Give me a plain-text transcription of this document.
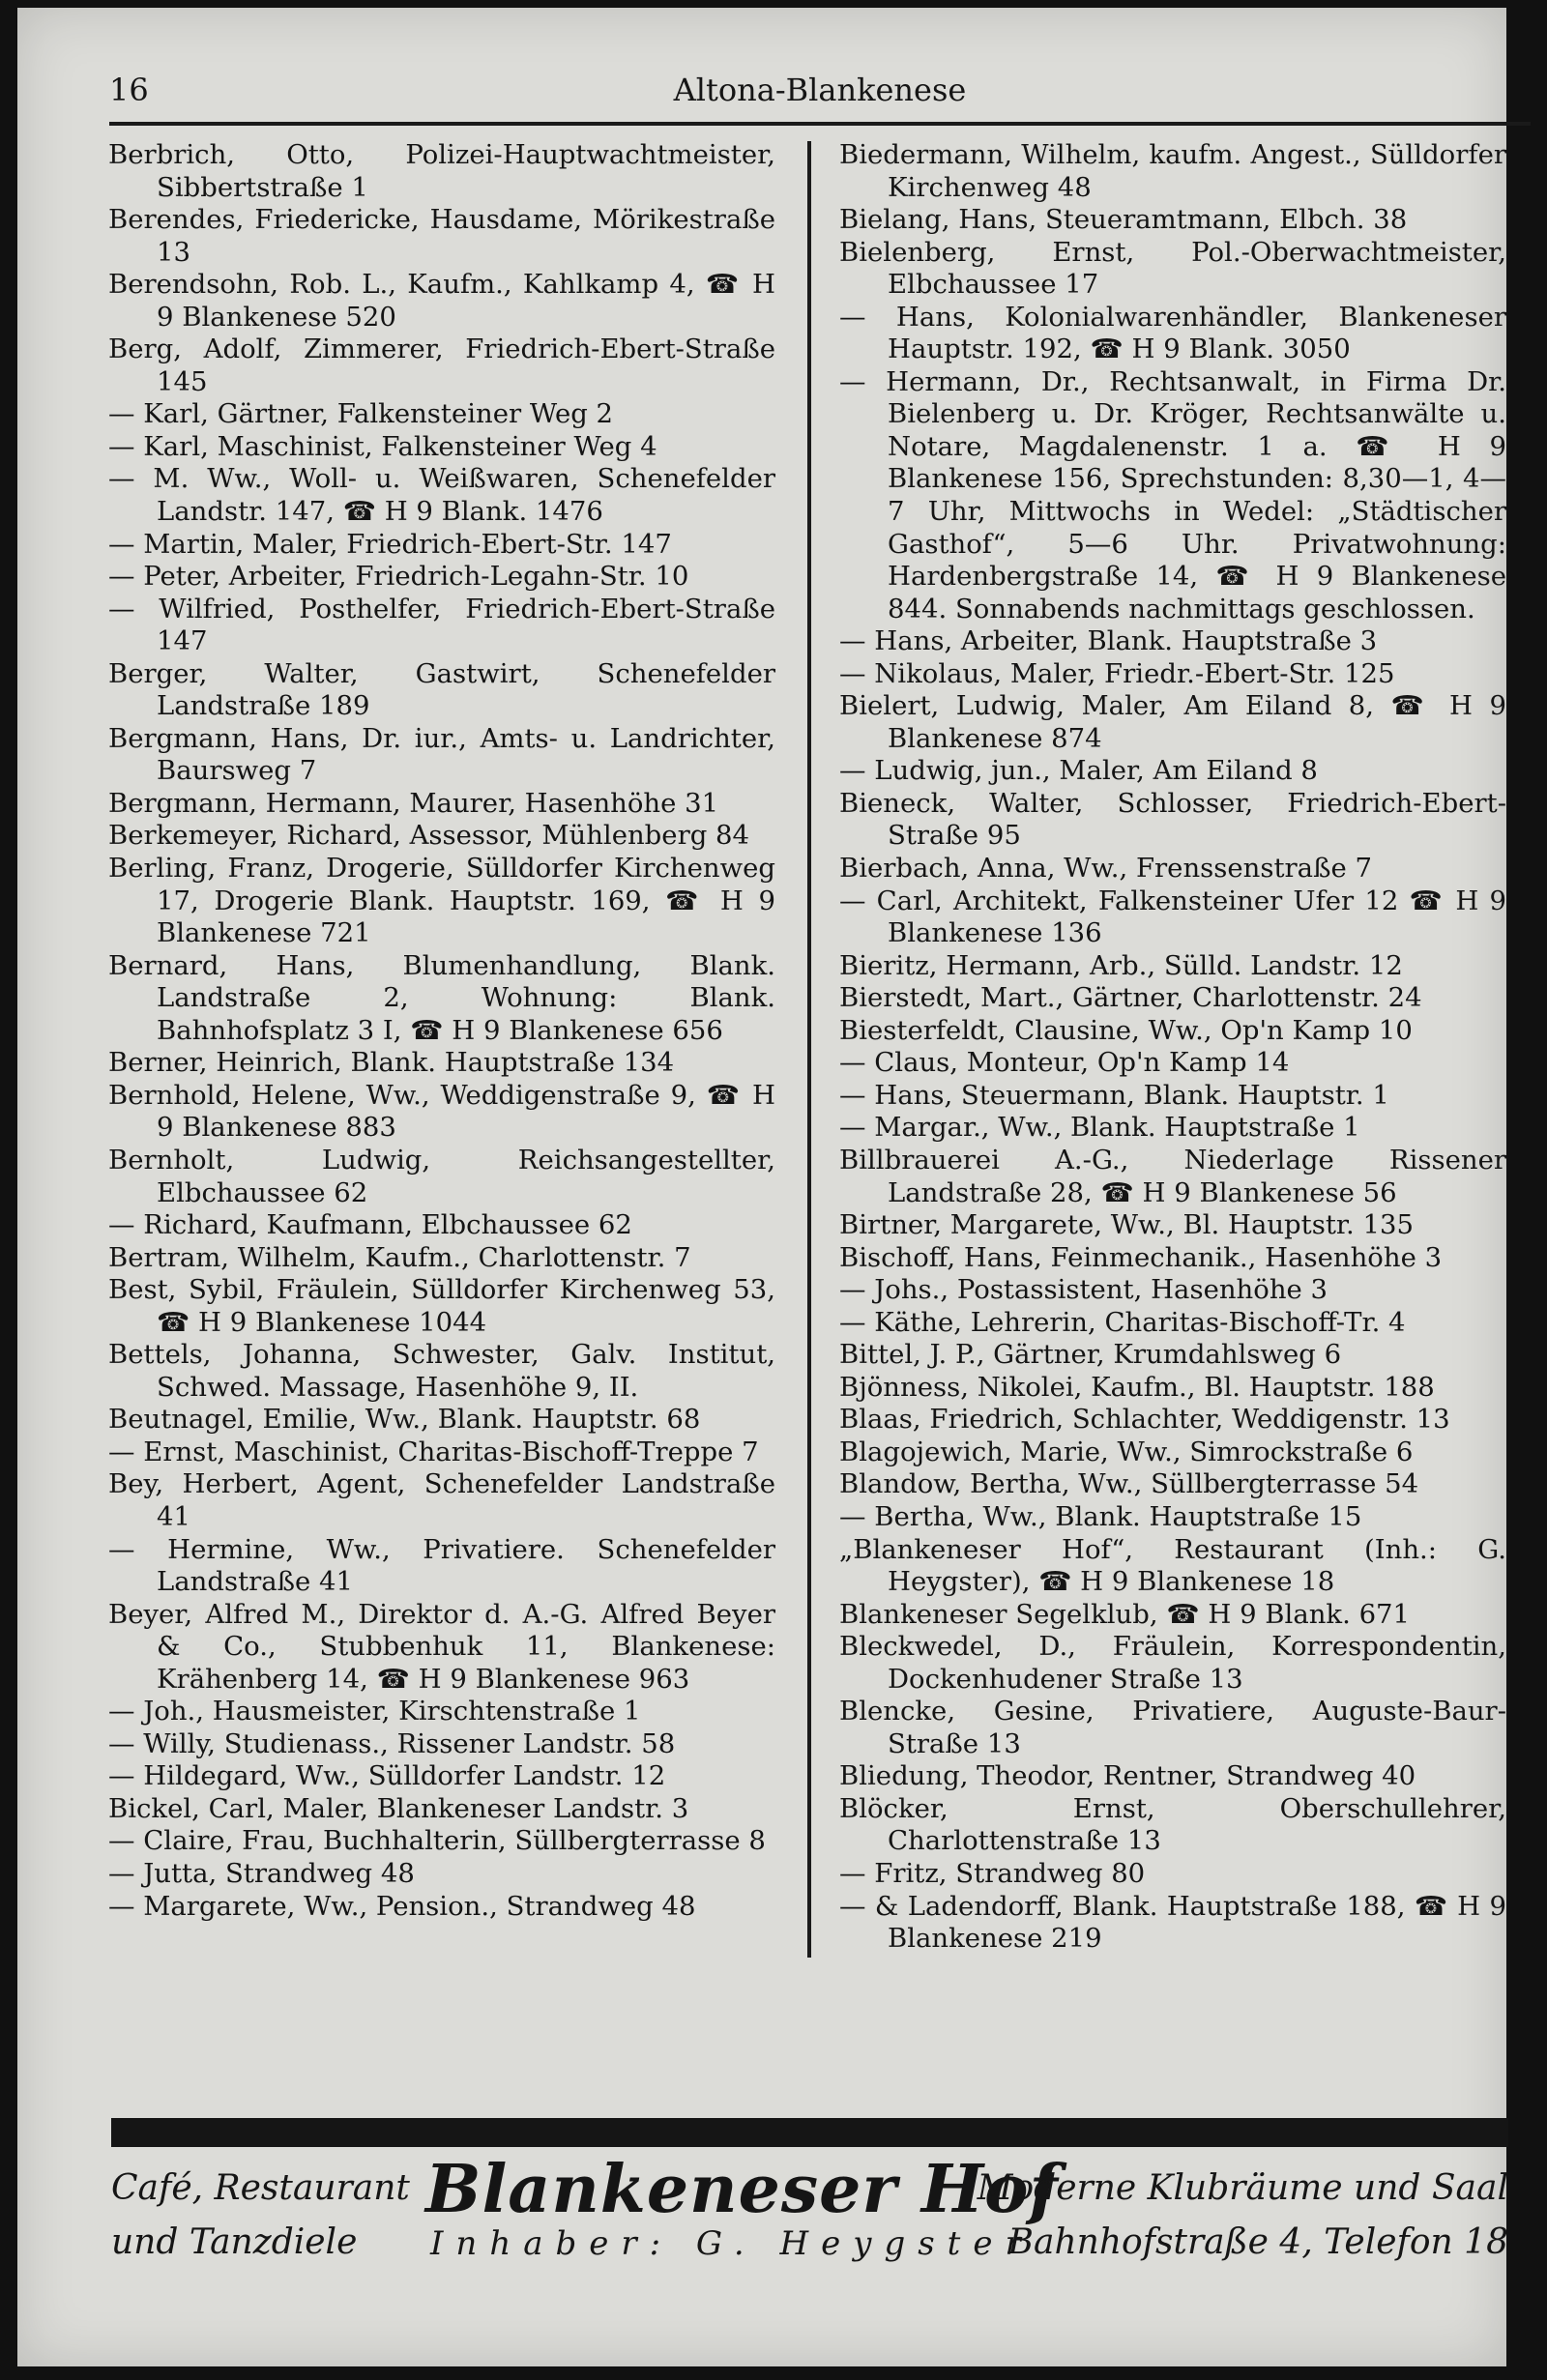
16	Altona-Blankenese
Berbrich, Otto, Polizei-Hauptwachtmeister, Sibbertstraße 1
Berendes, Friedericke, Hausdame, Mörikestraße 13
Berendsohn, Rob. L., Kaufm., Kahlkamp 4, ☎ H 9 Blankenese 520
Berg, Adolf, Zimmerer, Friedrich-Ebert-Straße 145
— Karl, Gärtner, Falkensteiner Weg 2
— Karl, Maschinist, Falkensteiner Weg 4
— M. Ww., Woll- u. Weißwaren, Schenefelder Landstr. 147, ☎ H 9 Blank. 1476
— Martin, Maler, Friedrich-Ebert-Str. 147
— Peter, Arbeiter, Friedrich-Legahn-Str. 10
— Wilfried, Posthelfer, Friedrich-Ebert-Straße 147
Berger, Walter, Gastwirt, Schenefelder Landstraße 189
Bergmann, Hans, Dr. iur., Amts- u. Landrichter, Baursweg 7
Bergmann, Hermann, Maurer, Hasenhöhe 31
Berkemeyer, Richard, Assessor, Mühlenberg 84
Berling, Franz, Drogerie, Sülldorfer Kirchenweg 17, Drogerie Blank. Hauptstr. 169, ☎ H 9 Blankenese 721
Bernard, Hans, Blumenhandlung, Blank. Landstraße 2, Wohnung: Blank. Bahnhofsplatz 3 I, ☎ H 9 Blankenese 656
Berner, Heinrich, Blank. Hauptstraße 134
Bernhold, Helene, Ww., Weddigenstraße 9, ☎ H 9 Blankenese 883
Bernholt, Ludwig, Reichsangestellter, Elbchaussee 62
— Richard, Kaufmann, Elbchaussee 62
Bertram, Wilhelm, Kaufm., Charlottenstr. 7
Best, Sybil, Fräulein, Sülldorfer Kirchenweg 53, ☎ H 9 Blankenese 1044
Bettels, Johanna, Schwester, Galv. Institut, Schwed. Massage, Hasenhöhe 9, II.
Beutnagel, Emilie, Ww., Blank. Hauptstr. 68
— Ernst, Maschinist, Charitas-Bischoff-Treppe 7
Bey, Herbert, Agent, Schenefelder Landstraße 41
— Hermine, Ww., Privatiere. Schenefelder Landstraße 41
Beyer, Alfred M., Direktor d. A.-G. Alfred Beyer & Co., Stubbenhuk 11, Blankenese: Krähenberg 14, ☎ H 9 Blankenese 963
— Joh., Hausmeister, Kirschtenstraße 1
— Willy, Studienass., Rissener Landstr. 58
— Hildegard, Ww., Sülldorfer Landstr. 12
Bickel, Carl, Maler, Blankeneser Landstr. 3
— Claire, Frau, Buchhalterin, Süllbergterrasse 8
— Jutta, Strandweg 48
— Margarete, Ww., Pension., Strandweg 48
Biedermann, Wilhelm, kaufm. Angest., Sülldorfer Kirchenweg 48
Bielang, Hans, Steueramtmann, Elbch. 38
Bielenberg, Ernst, Pol.-Oberwachtmeister, Elbchaussee 17
— Hans, Kolonialwarenhändler, Blankeneser Hauptstr. 192, ☎ H 9 Blank. 3050
— Hermann, Dr., Rechtsanwalt, in Firma Dr. Bielenberg u. Dr. Kröger, Rechtsanwälte u. Notare, Magdalenenstr. 1 a. ☎ H 9 Blankenese 156, Sprechstunden: 8,30—1, 4—7 Uhr, Mittwochs in Wedel: „Städtischer Gasthof“, 5—6 Uhr. Privatwohnung: Hardenbergstraße 14, ☎ H 9 Blankenese 844. Sonnabends nachmittags geschlossen.
— Hans, Arbeiter, Blank. Hauptstraße 3
— Nikolaus, Maler, Friedr.-Ebert-Str. 125
Bielert, Ludwig, Maler, Am Eiland 8, ☎ H 9 Blankenese 874
— Ludwig, jun., Maler, Am Eiland 8
Bieneck, Walter, Schlosser, Friedrich-Ebert-Straße 95
Bierbach, Anna, Ww., Frenssenstraße 7
— Carl, Architekt, Falkensteiner Ufer 12 ☎ H 9 Blankenese 136
Bieritz, Hermann, Arb., Sülld. Landstr. 12
Bierstedt, Mart., Gärtner, Charlottenstr. 24
Biesterfeldt, Clausine, Ww., Op'n Kamp 10
— Claus, Monteur, Op'n Kamp 14
— Hans, Steuermann, Blank. Hauptstr. 1
— Margar., Ww., Blank. Hauptstraße 1
Billbrauerei A.-G., Niederlage Rissener Landstraße 28, ☎ H 9 Blankenese 56
Birtner, Margarete, Ww., Bl. Hauptstr. 135
Bischoff, Hans, Feinmechanik., Hasenhöhe 3
— Johs., Postassistent, Hasenhöhe 3
— Käthe, Lehrerin, Charitas-Bischoff-Tr. 4
Bittel, J. P., Gärtner, Krumdahlsweg 6
Bjönness, Nikolei, Kaufm., Bl. Hauptstr. 188
Blaas, Friedrich, Schlachter, Weddigenstr. 13
Blagojewich, Marie, Ww., Simrockstraße 6
Blandow, Bertha, Ww., Süllbergterrasse 54
— Bertha, Ww., Blank. Hauptstraße 15
„Blankeneser Hof“, Restaurant (Inh.: G. Heygster), ☎ H 9 Blankenese 18
Blankeneser Segelklub, ☎ H 9 Blank. 671
Bleckwedel, D., Fräulein, Korrespondentin, Dockenhudener Straße 13
Blencke, Gesine, Privatiere, Auguste-Baur-Straße 13
Bliedung, Theodor, Rentner, Strandweg 40
Blöcker, Ernst, Oberschullehrer, Charlottenstraße 13
— Fritz, Strandweg 80
— & Ladendorff, Blank. Hauptstraße 188, ☎ H 9 Blankenese 219
Café, Restaurant
und Tanzdiele
Blankeneser Hof
Inhaber: G. Heygster
Moderne Klubräume und Saal
Bahnhofstraße 4, Telefon 18
